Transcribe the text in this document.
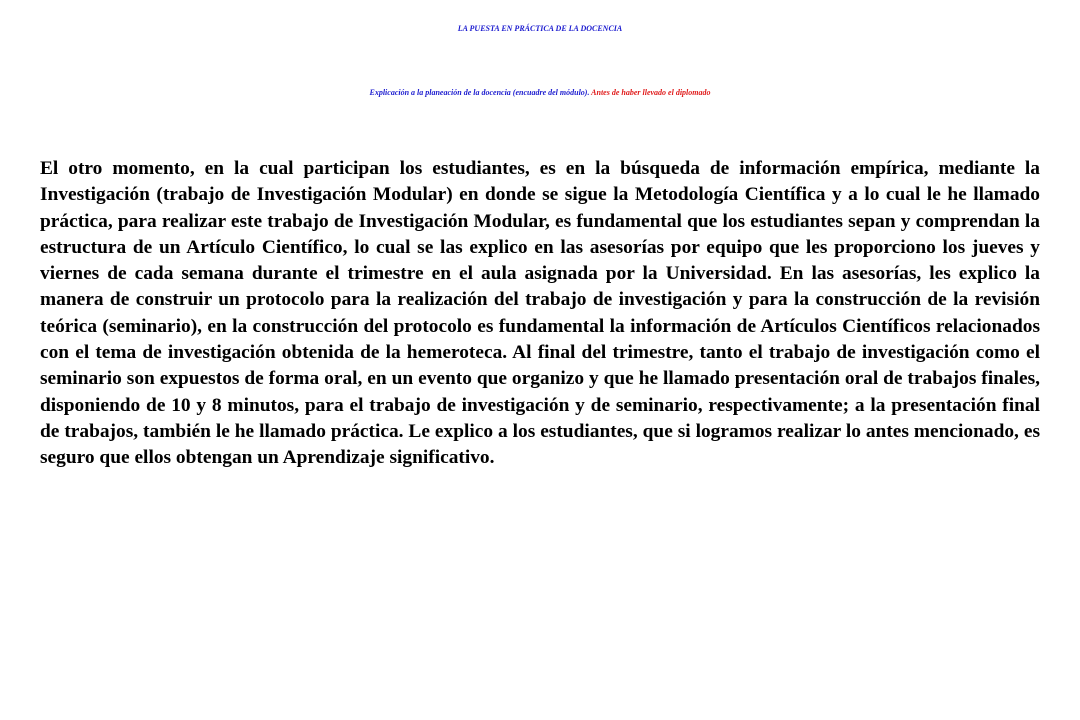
LA PUESTA EN PRÁCTICA DE LA DOCENCIA
Explicación a la planeación de la docencia (encuadre del módulo). Antes de haber llevado el diplomado

El otro momento, en la cual participan los estudiantes, es en la búsqueda de información empírica, mediante la Investigación (trabajo de Investigación Modular) en donde se sigue la Metodología Científica y a lo cual le he llamado práctica, para realizar este trabajo de Investigación Modular, es fundamental que los estudiantes sepan y comprendan la estructura de un Artículo Científico, lo cual se las explico en las asesorías por equipo que les proporciono los jueves y viernes de cada semana durante el trimestre en el aula asignada por la Universidad. En las asesorías, les explico la manera de construir un protocolo para la realización del trabajo de investigación y para la construcción de la revisión teórica (seminario), en la construcción del protocolo es fundamental la información de Artículos Científicos relacionados con el tema de investigación obtenida de la hemeroteca. Al final del trimestre, tanto el trabajo de investigación como el seminario son expuestos de forma oral, en un evento que organizo y que he llamado presentación oral de trabajos finales, disponiendo de 10 y 8 minutos, para el trabajo de investigación y de seminario, respectivamente; a la presentación final de trabajos, también le he llamado práctica. Le explico a los estudiantes, que si logramos realizar lo antes mencionado, es seguro que ellos obtengan un Aprendizaje significativo.
